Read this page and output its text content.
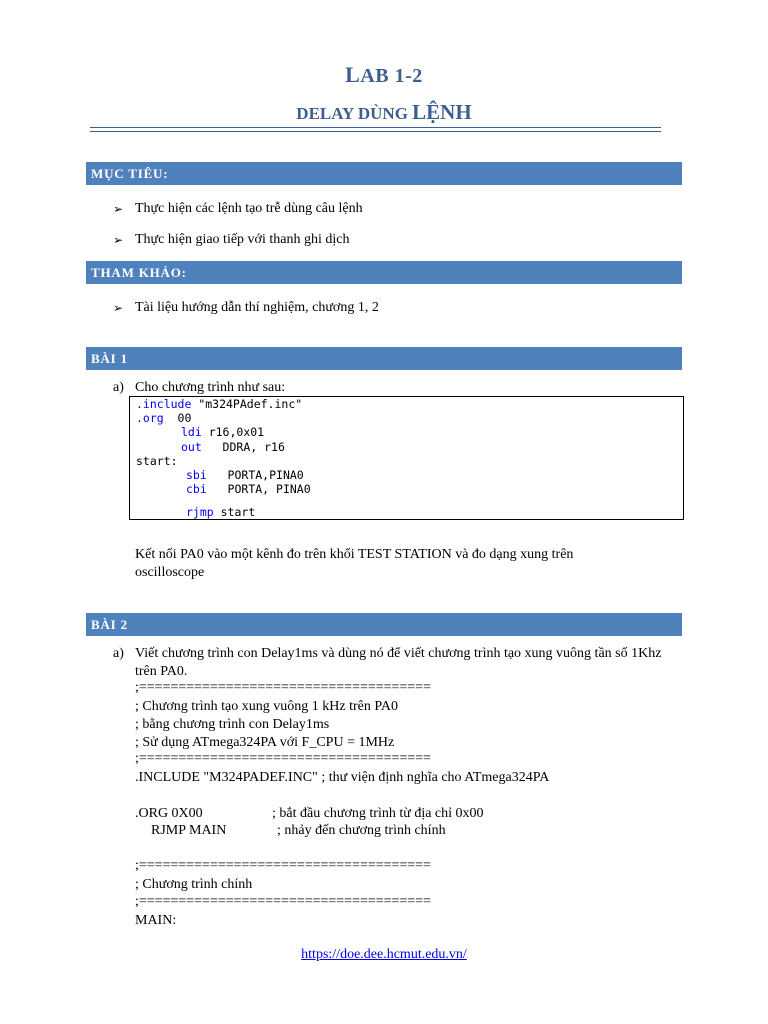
LAB 1-2
DELAY DÙNG LỆNH
MỤC TIÊU:
➢ Thực hiện các lệnh tạo trễ dùng câu lệnh
➢ Thực hiện giao tiếp với thanh ghi dịch
THAM KHẢO:
➢ Tài liệu hướng dẫn thí nghiệm, chương 1, 2
BÀI 1
a) Cho chương trình như sau:
.include "m324PAdef.inc"
.org  00
ldi r16,0x01
out   DDRA, r16
start:
sbi   PORTA,PINA0
cbi   PORTA, PINA0
rjmp start
Kết nối PA0 vào một kênh đo trên khối TEST STATION và đo dạng xung trên oscilloscope
BÀI 2
a) Viết chương trình con Delay1ms và dùng nó để viết chương trình tạo xung vuông tần số 1Khz trên PA0.
;=====================================
; Chương trình tạo xung vuông 1 kHz trên PA0
; bằng chương trình con Delay1ms
; Sử dụng ATmega324PA với F_CPU = 1MHz
;=====================================
.INCLUDE "M324PADEF.INC" ; thư viện định nghĩa cho ATmega324PA
.ORG 0X00	; bắt đầu chương trình từ địa chỉ 0x00
RJMP MAIN	; nhảy đến chương trình chính
;=====================================
; Chương trình chính
;=====================================
MAIN:
https://doe.dee.hcmut.edu.vn/
